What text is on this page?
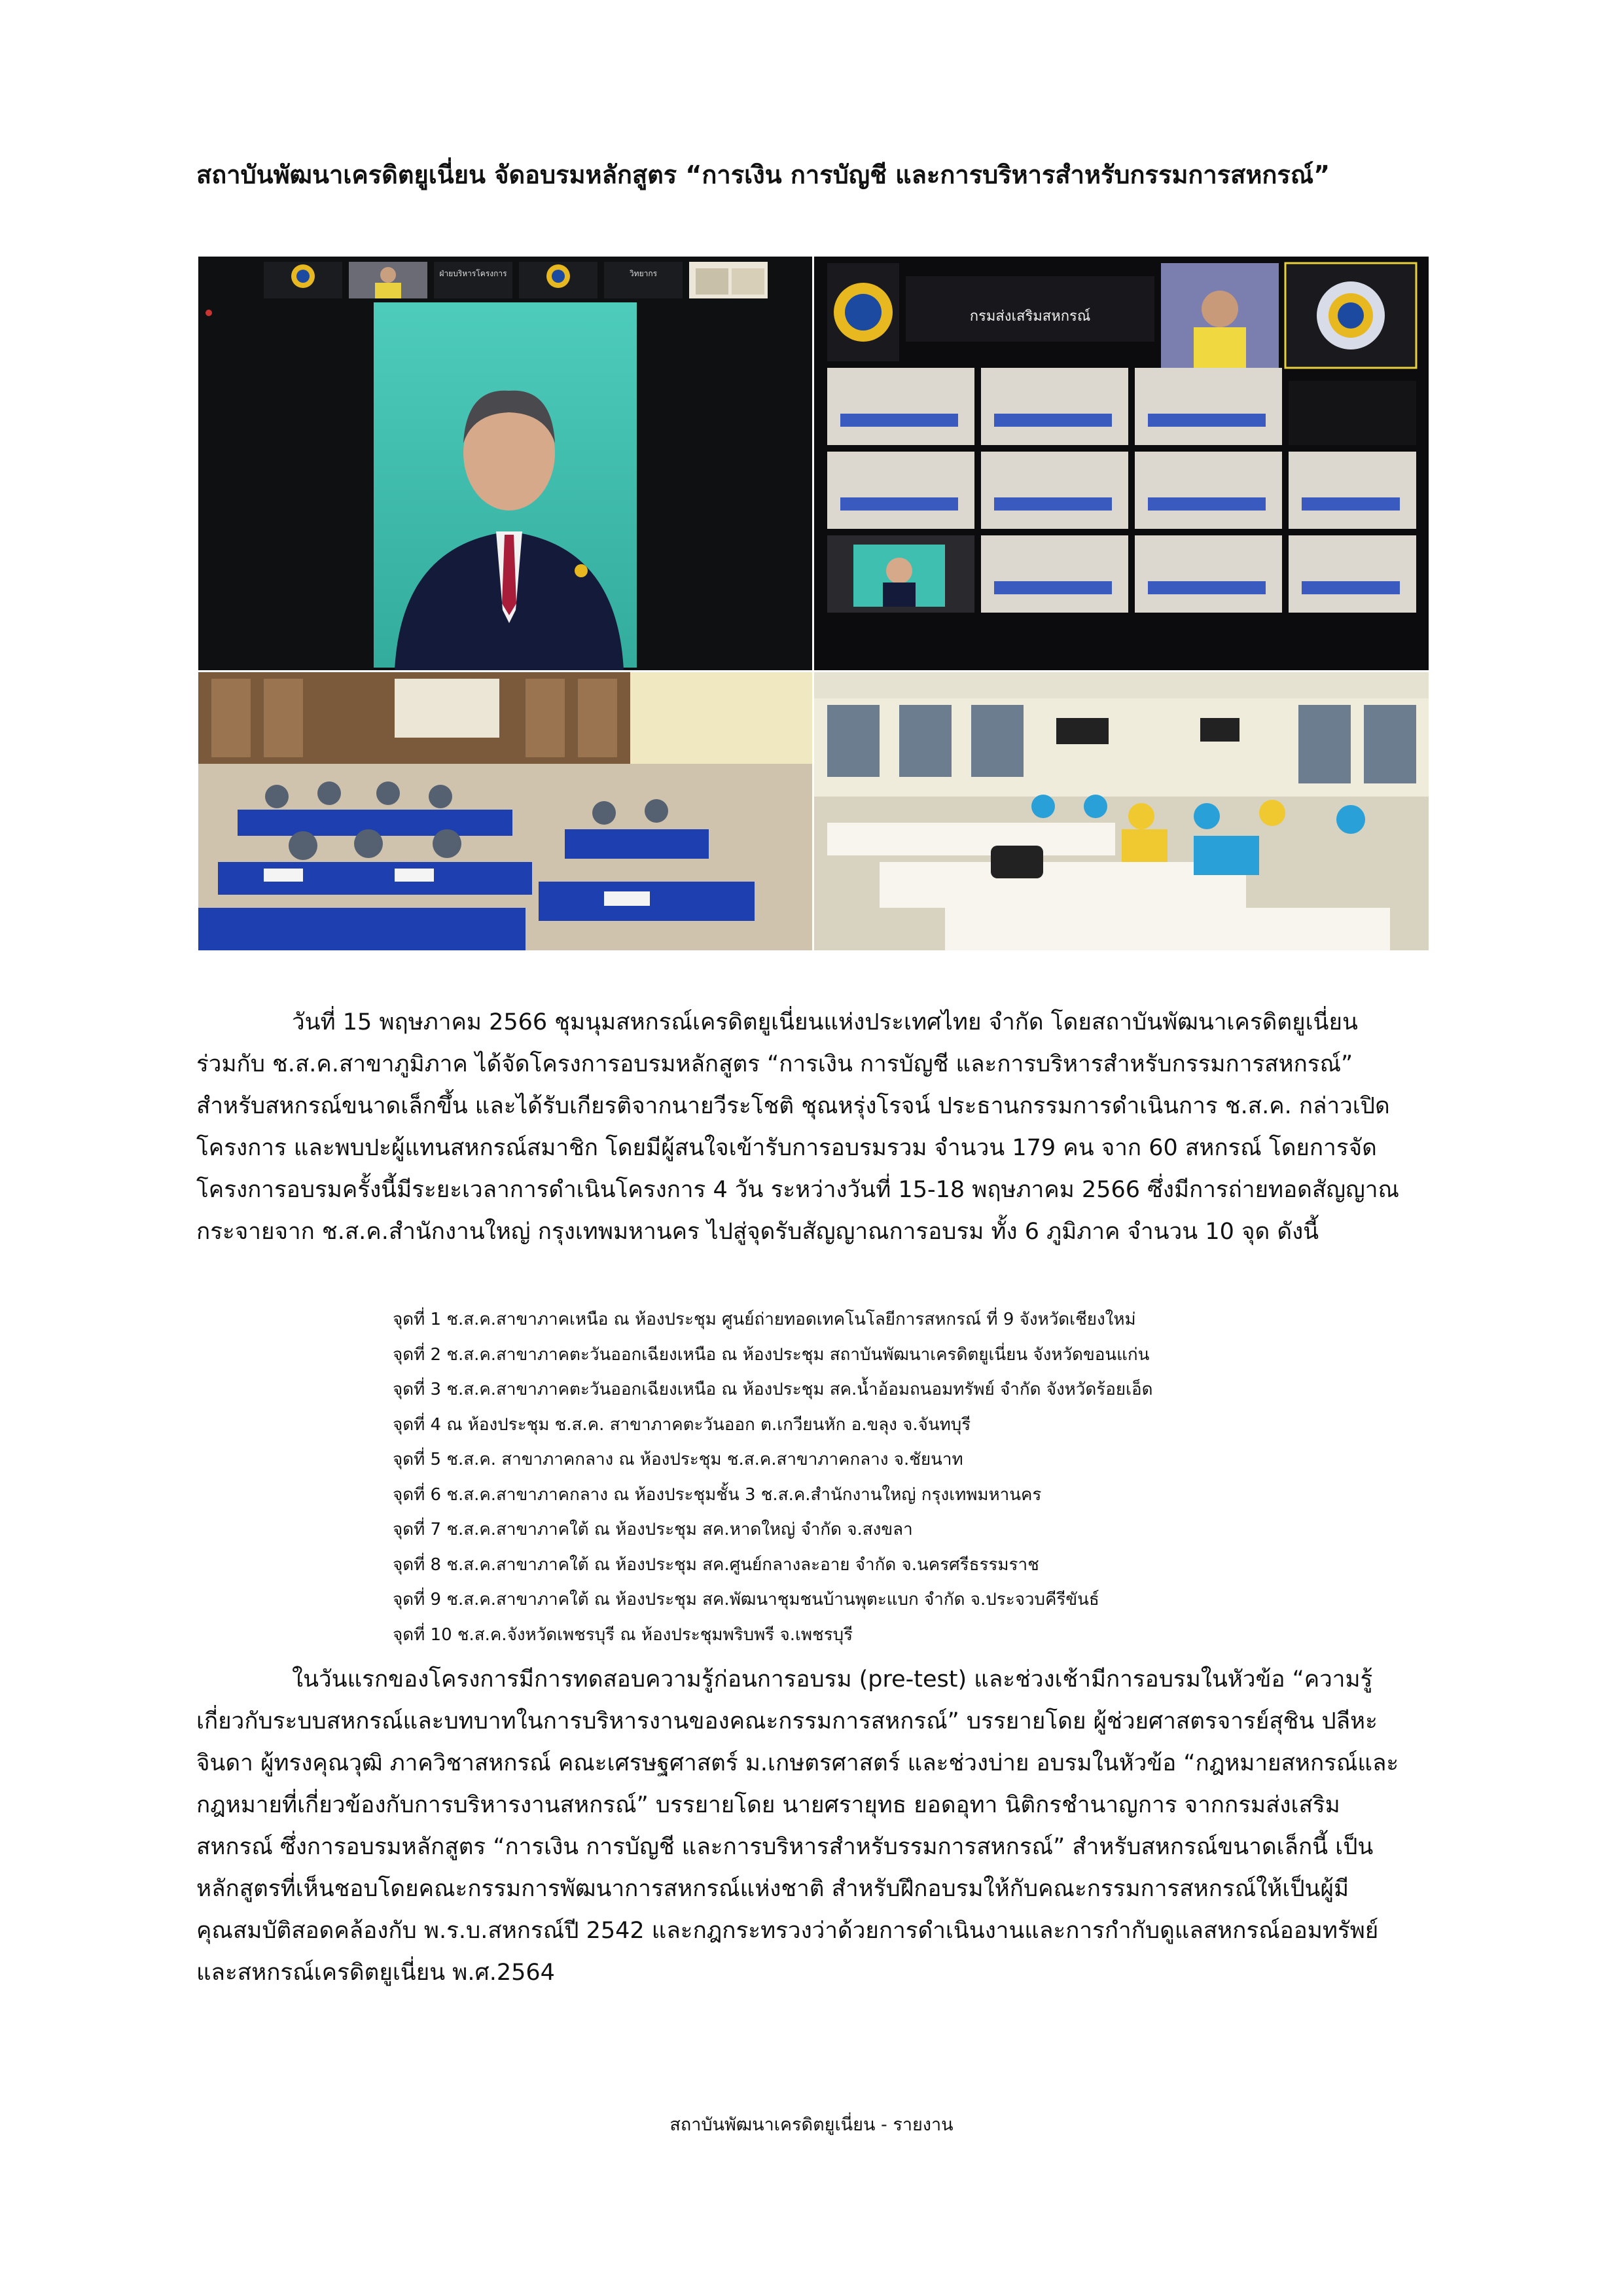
สถาบันพัฒนาเครดิตยูเนี่ยน จัดอบรมหลักสูตร “การเงิน การบัญชี และการบริหารสำหรับกรรมการสหกรณ์”
ฝ่ายบริหารโครงการ	วิทยากร
กรมส่งเสริมสหกรณ์
วันที่ 15 พฤษภาคม 2566 ชุมนุมสหกรณ์เครดิตยูเนี่ยนแห่งประเทศไทย จำกัด โดยสถาบันพัฒนาเครดิตยูเนี่ยน
ร่วมกับ ช.ส.ค.สาขาภูมิภาค ได้จัดโครงการอบรมหลักสูตร “การเงิน การบัญชี และการบริหารสำหรับกรรมการสหกรณ์”
สำหรับสหกรณ์ขนาดเล็กขึ้น และได้รับเกียรติจากนายวีระโชติ ชุณหรุ่งโรจน์ ประธานกรรมการดำเนินการ ช.ส.ค. กล่าวเปิด
โครงการ และพบปะผู้แทนสหกรณ์สมาชิก โดยมีผู้สนใจเข้ารับการอบรมรวม จำนวน 179 คน จาก 60 สหกรณ์ โดยการจัด
โครงการอบรมครั้งนี้มีระยะเวลาการดำเนินโครงการ 4 วัน ระหว่างวันที่ 15-18 พฤษภาคม 2566 ซึ่งมีการถ่ายทอดสัญญาณ
กระจายจาก ช.ส.ค.สำนักงานใหญ่ กรุงเทพมหานคร ไปสู่จุดรับสัญญาณการอบรม ทั้ง 6 ภูมิภาค จำนวน 10 จุด ดังนี้
จุดที่ 1 ช.ส.ค.สาขาภาคเหนือ ณ ห้องประชุม ศูนย์ถ่ายทอดเทคโนโลยีการสหกรณ์ ที่ 9 จังหวัดเชียงใหม่
จุดที่ 2 ช.ส.ค.สาขาภาคตะวันออกเฉียงเหนือ ณ ห้องประชุม สถาบันพัฒนาเครดิตยูเนี่ยน จังหวัดขอนแก่น
จุดที่ 3 ช.ส.ค.สาขาภาคตะวันออกเฉียงเหนือ ณ ห้องประชุม สค.น้ำอ้อมถนอมทรัพย์ จำกัด จังหวัดร้อยเอ็ด
จุดที่ 4 ณ ห้องประชุม ช.ส.ค. สาขาภาคตะวันออก ต.เกวียนหัก อ.ขลุง จ.จันทบุรี
จุดที่ 5 ช.ส.ค. สาขาภาคกลาง ณ ห้องประชุม ช.ส.ค.สาขาภาคกลาง จ.ชัยนาท
จุดที่ 6 ช.ส.ค.สาขาภาคกลาง ณ ห้องประชุมชั้น 3 ช.ส.ค.สำนักงานใหญ่ กรุงเทพมหานคร
จุดที่ 7 ช.ส.ค.สาขาภาคใต้ ณ ห้องประชุม สค.หาดใหญ่ จำกัด จ.สงขลา
จุดที่ 8 ช.ส.ค.สาขาภาคใต้ ณ ห้องประชุม สค.ศูนย์กลางละอาย จำกัด จ.นครศรีธรรมราช
จุดที่ 9 ช.ส.ค.สาขาภาคใต้ ณ ห้องประชุม สค.พัฒนาชุมชนบ้านพุตะแบก จำกัด จ.ประจวบคีรีขันธ์
จุดที่ 10 ช.ส.ค.จังหวัดเพชรบุรี ณ ห้องประชุมพริบพรี จ.เพชรบุรี
ในวันแรกของโครงการมีการทดสอบความรู้ก่อนการอบรม (pre-test) และช่วงเช้ามีการอบรมในหัวข้อ “ความรู้
เกี่ยวกับระบบสหกรณ์และบทบาทในการบริหารงานของคณะกรรมการสหกรณ์” บรรยายโดย ผู้ช่วยศาสตรจารย์สุชิน ปลีหะ
จินดา ผู้ทรงคุณวุฒิ ภาควิชาสหกรณ์ คณะเศรษฐศาสตร์ ม.เกษตรศาสตร์ และช่วงบ่าย อบรมในหัวข้อ “กฎหมายสหกรณ์และ
กฎหมายที่เกี่ยวข้องกับการบริหารงานสหกรณ์” บรรยายโดย นายศรายุทธ ยอดอุทา นิติกรชำนาญการ จากกรมส่งเสริม
สหกรณ์ ซึ่งการอบรมหลักสูตร “การเงิน การบัญชี และการบริหารสำหรับรรมการสหกรณ์” สำหรับสหกรณ์ขนาดเล็กนี้ เป็น
หลักสูตรที่เห็นชอบโดยคณะกรรมการพัฒนาการสหกรณ์แห่งชาติ สำหรับฝึกอบรมให้กับคณะกรรมการสหกรณ์ให้เป็นผู้มี
คุณสมบัติสอดคล้องกับ พ.ร.บ.สหกรณ์ปี 2542 และกฎกระทรวงว่าด้วยการดำเนินงานและการกำกับดูแลสหกรณ์ออมทรัพย์
และสหกรณ์เครดิตยูเนี่ยน พ.ศ.2564
สถาบันพัฒนาเครดิตยูเนี่ยน - รายงาน
